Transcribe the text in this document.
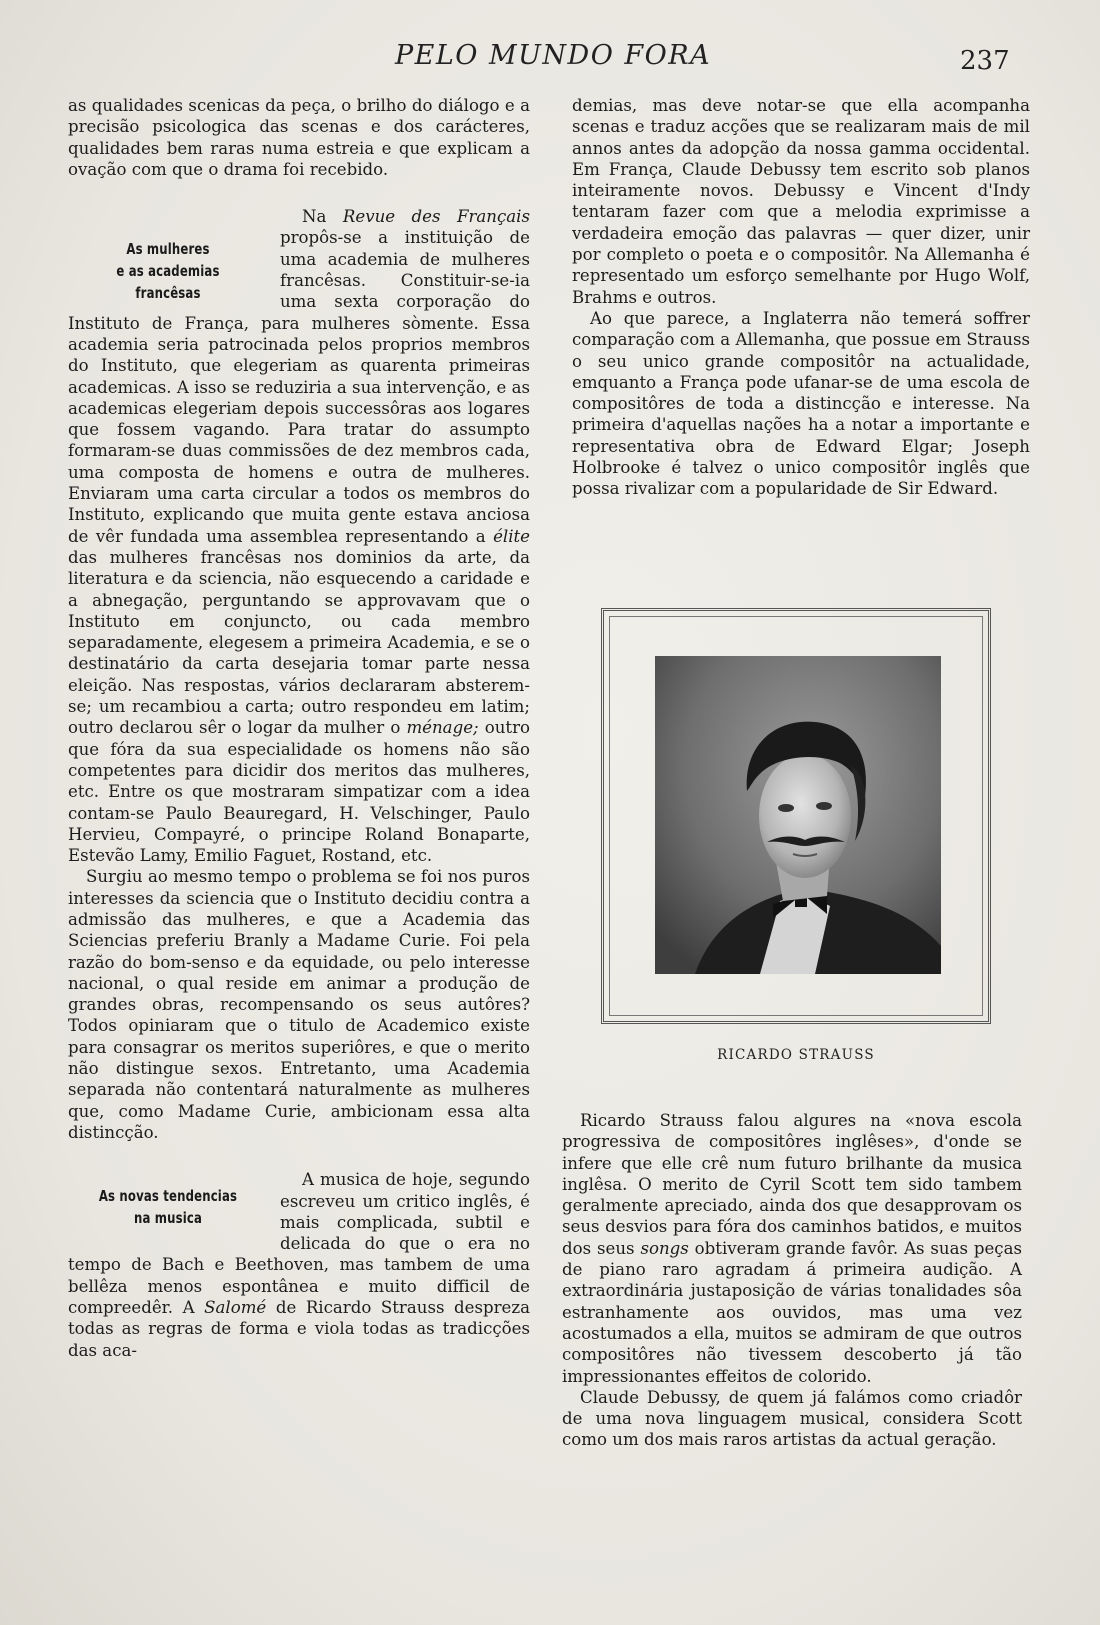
PELO MUNDO FORA	237

as qualidades scenicas da peça, o brilho do diálogo e a precisão psicologica das scenas e dos carácteres, qualidades bem raras numa estreia e que explicam a ovação com que o drama foi recebido.

As mulheres
e as academias francêsas

Na Revue des Français propôs-se a instituição de uma academia de mulheres francêsas. Constituir-se-ia uma sexta corporação do Instituto de França, para mulheres sòmente. Essa academia seria patrocinada pelos proprios membros do Instituto, que elegeriam as quarenta primeiras academicas. A isso se reduziria a sua intervenção, e as academicas elegeriam depois successôras aos logares que fossem vagando. Para tratar do assumpto formaram-se duas commissões de dez membros cada, uma composta de homens e outra de mulheres. Enviaram uma carta circular a todos os membros do Instituto, explicando que muita gente estava anciosa de vêr fundada uma assemblea representando a élite das mulheres francêsas nos dominios da arte, da literatura e da sciencia, não esquecendo a caridade e a abnegação, perguntando se approvavam que o Instituto em conjuncto, ou cada membro separadamente, elegesem a primeira Academia, e se o destinatário da carta desejaria tomar parte nessa eleição. Nas respostas, vários declararam absterem-se; um recambiou a carta; outro respondeu em latim; outro declarou sêr o logar da mulher o ménage; outro que fóra da sua especialidade os homens não são competentes para dicidir dos meritos das mulheres, etc. Entre os que mostraram simpatizar com a idea contam-se Paulo Beauregard, H. Velschinger, Paulo Hervieu, Compayré, o principe Roland Bonaparte, Estevão Lamy, Emilio Faguet, Rostand, etc.

Surgiu ao mesmo tempo o problema se foi nos puros interesses da sciencia que o Instituto decidiu contra a admissão das mulheres, e que a Academia das Sciencias preferiu Branly a Madame Curie. Foi pela razão do bom-senso e da equidade, ou pelo interesse nacional, o qual reside em animar a produção de grandes obras, recompensando os seus autôres? Todos opiniaram que o titulo de Academico existe para consagrar os meritos superiôres, e que o merito não distingue sexos. Entretanto, uma Academia separada não contentará naturalmente as mulheres que, como Madame Curie, ambicionam essa alta distincção.

As novas tendencias
na musica

A musica de hoje, segundo escreveu um critico inglês, é mais complicada, subtil e delicada do que o era no tempo de Bach e Beethoven, mas tambem de uma bellêza menos espontânea e muito difficil de compreedêr. A Salomé de Ricardo Strauss despreza todas as regras de forma e viola todas as tradicções das aca-

demias, mas deve notar-se que ella acompanha scenas e traduz acções que se realizaram mais de mil annos antes da adopção da nossa gamma occidental. Em França, Claude Debussy tem escrito sob planos inteiramente novos. Debussy e Vincent d'Indy tentaram fazer com que a melodia exprimisse a verdadeira emoção das palavras — quer dizer, unir por completo o poeta e o compositôr. Na Allemanha é representado um esforço semelhante por Hugo Wolf, Brahms e outros.

Ao que parece, a Inglaterra não temerá soffrer comparação com a Allemanha, que possue em Strauss o seu unico grande compositôr na actualidade, emquanto a França pode ufanar-se de uma escola de compositôres de toda a distincção e interesse. Na primeira d'aquellas nações ha a notar a importante e representativa obra de Edward Elgar; Joseph Holbrooke é talvez o unico compositôr inglês que possa rivalizar com a popularidade de Sir Edward.

RICARDO STRAUSS

Ricardo Strauss falou algures na «nova escola progressiva de compositôres inglêses», d'onde se infere que elle crê num futuro brilhante da musica inglêsa. O merito de Cyril Scott tem sido tambem geralmente apreciado, ainda dos que desapprovam os seus desvios para fóra dos caminhos batidos, e muitos dos seus songs obtiveram grande favôr. As suas peças de piano raro agradam á primeira audição. A extraordinária justaposição de várias tonalidades sôa estranhamente aos ouvidos, mas uma vez acostumados a ella, muitos se admiram de que outros compositôres não tivessem descoberto já tão impressionantes effeitos de colorido.

Claude Debussy, de quem já falámos como criadôr de uma nova linguagem musical, considera Scott como um dos mais raros artistas da actual geração.
